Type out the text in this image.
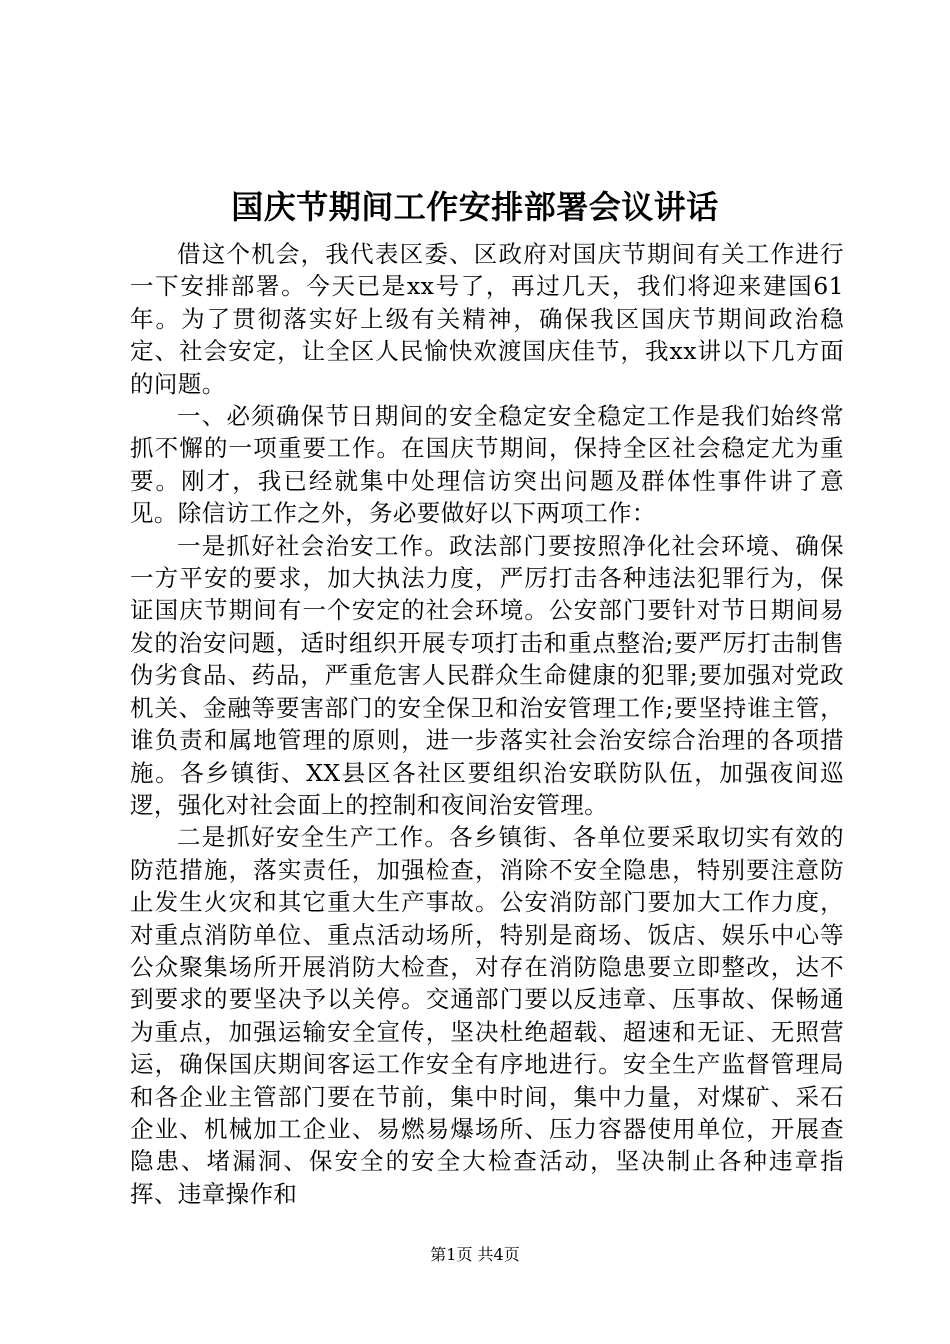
国庆节期间工作安排部署会议讲话

借这个机会，我代表区委、区政府对国庆节期间有关工作进行一下安排部署。今天已是xx号了，再过几天，我们将迎来建国61年。为了贯彻落实好上级有关精神，确保我区国庆节期间政治稳定、社会安定，让全区人民愉快欢渡国庆佳节，我xx讲以下几方面的问题。

一、必须确保节日期间的安全稳定安全稳定工作是我们始终常抓不懈的一项重要工作。在国庆节期间，保持全区社会稳定尤为重要。刚才，我已经就集中处理信访突出问题及群体性事件讲了意见。除信访工作之外，务必要做好以下两项工作：

一是抓好社会治安工作。政法部门要按照净化社会环境、确保一方平安的要求，加大执法力度，严厉打击各种违法犯罪行为，保证国庆节期间有一个安定的社会环境。公安部门要针对节日期间易发的治安问题，适时组织开展专项打击和重点整治;要严厉打击制售伪劣食品、药品，严重危害人民群众生命健康的犯罪;要加强对党政机关、金融等要害部门的安全保卫和治安管理工作;要坚持谁主管，谁负责和属地管理的原则，进一步落实社会治安综合治理的各项措施。各乡镇街、XX县区各社区要组织治安联防队伍，加强夜间巡逻，强化对社会面上的控制和夜间治安管理。

二是抓好安全生产工作。各乡镇街、各单位要采取切实有效的防范措施，落实责任，加强检查，消除不安全隐患，特别要注意防止发生火灾和其它重大生产事故。公安消防部门要加大工作力度，对重点消防单位、重点活动场所，特别是商场、饭店、娱乐中心等公众聚集场所开展消防大检查，对存在消防隐患要立即整改，达不到要求的要坚决予以关停。交通部门要以反违章、压事故、保畅通为重点，加强运输安全宣传，坚决杜绝超载、超速和无证、无照营运，确保国庆期间客运工作安全有序地进行。安全生产监督管理局和各企业主管部门要在节前，集中时间，集中力量，对煤矿、采石企业、机械加工企业、易燃易爆场所、压力容器使用单位，开展查隐患、堵漏洞、保安全的安全大检查活动，坚决制止各种违章指挥、违章操作和

第1页 共4页
